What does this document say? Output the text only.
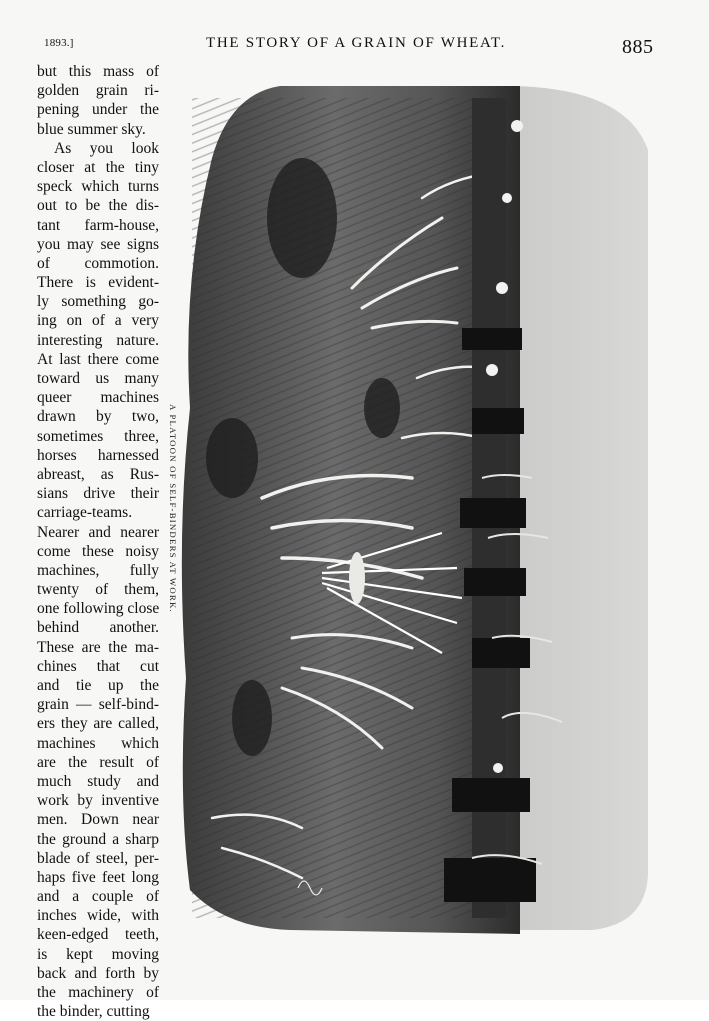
1893.]	THE STORY OF A GRAIN OF WHEAT.	885
but this mass of
golden grain ri-
pening under the
blue summer sky.
As you look
closer at the tiny
speck which turns
out to be the dis-
tant farm-house,
you may see signs
of commotion.
There is evident-
ly something go-
ing on of a very
interesting nature.
At last there come
toward us many
queer machines
drawn by two,
sometimes three,
horses harnessed
abreast, as Rus-
sians drive their
carriage-teams.
Nearer and nearer
come these noisy
machines, fully
twenty of them,
one following close
behind another.
These are the ma-
chines that cut
and tie up the
grain — self-bind-
ers they are called,
machines which
are the result of
much study and
work by inventive
men. Down near
the ground a sharp
blade of steel, per-
haps five feet long
and a couple of
inches wide, with
keen-edged teeth,
is kept moving
back and forth by
the machinery of
the binder, cutting
A PLATOON OF SELF-BINDERS AT WORK.
